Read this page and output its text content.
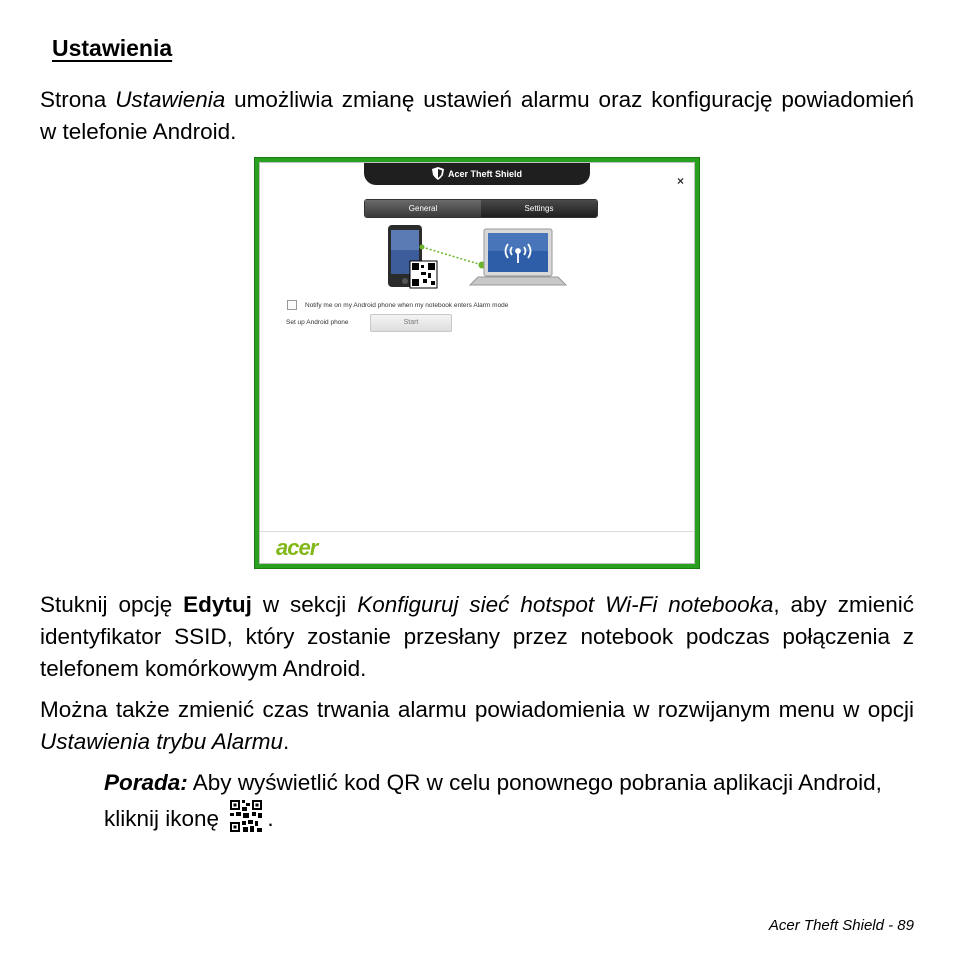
Ustawienia

Strona Ustawienia umożliwia zmianę ustawień alarmu oraz konfigurację powiadomień w telefonie Android.

Acer Theft Shield	×
General	Settings
Notify me on my Android phone when my notebook enters Alarm mode
Set up Android phone	Start
acer

Stuknij opcję Edytuj w sekcji Konfiguruj sieć hotspot Wi-Fi notebooka, aby zmienić identyfikator SSID, który zostanie przesłany przez notebook podczas połączenia z telefonem komórkowym Android.

Można także zmienić czas trwania alarmu powiadomienia w rozwijanym menu w opcji Ustawienia trybu Alarmu.

Porada: Aby wyświetlić kod QR w celu ponownego pobrania aplikacji Android, kliknij ikonę .

Acer Theft Shield - 89
